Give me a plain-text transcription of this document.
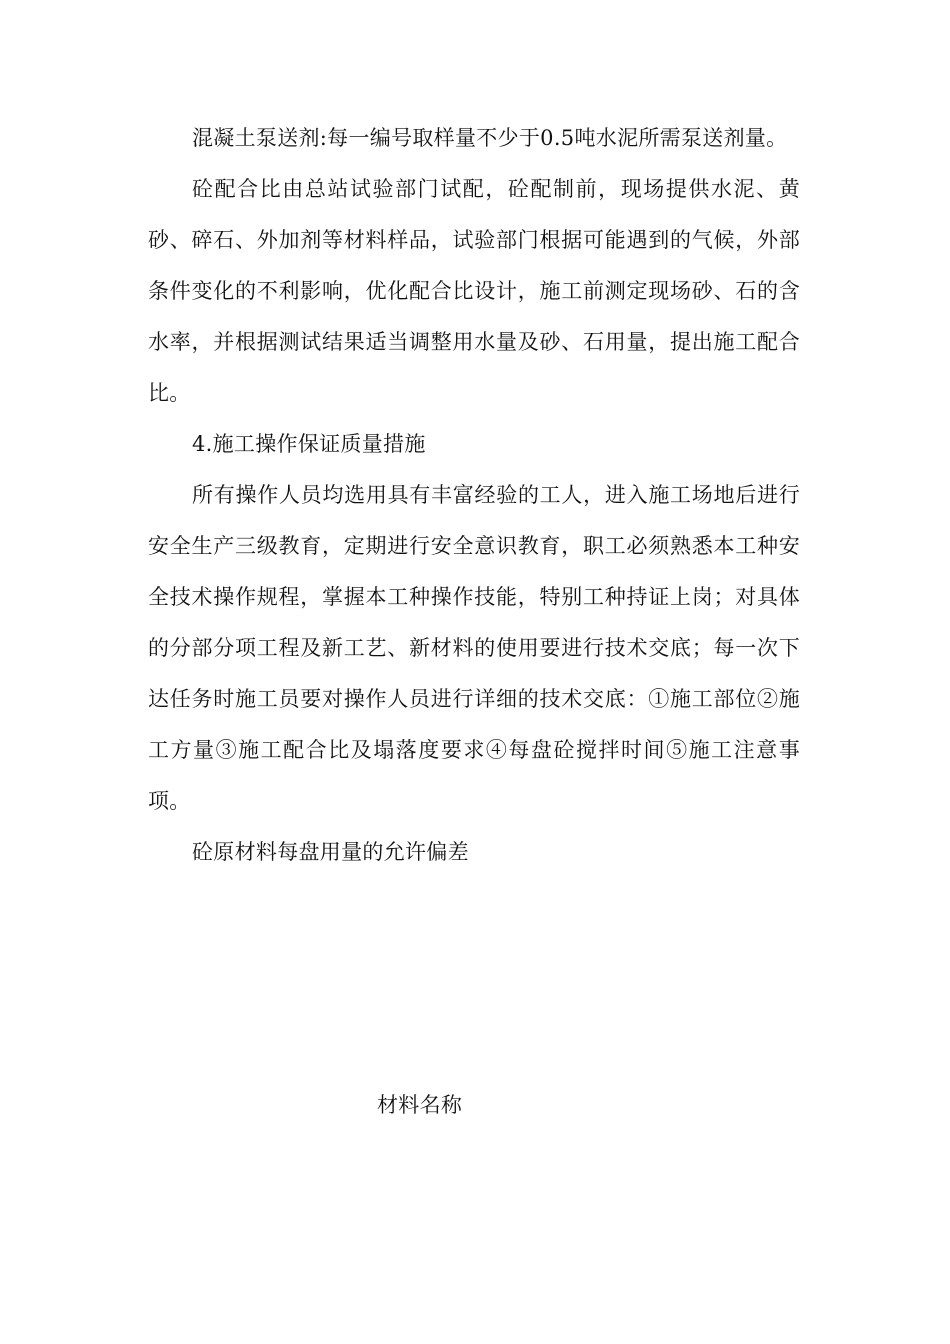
混凝土泵送剂:每一编号取样量不少于0.5吨水泥所需泵送剂量。

砼配合比由总站试验部门试配，砼配制前，现场提供水泥、黄砂、碎石、外加剂等材料样品，试验部门根据可能遇到的气候，外部条件变化的不利影响，优化配合比设计，施工前测定现场砂、石的含水率，并根据测试结果适当调整用水量及砂、石用量，提出施工配合比。

4.施工操作保证质量措施

所有操作人员均选用具有丰富经验的工人，进入施工场地后进行安全生产三级教育，定期进行安全意识教育，职工必须熟悉本工种安全技术操作规程，掌握本工种操作技能，特别工种持证上岗；对具体的分部分项工程及新工艺、新材料的使用要进行技术交底；每一次下达任务时施工员要对操作人员进行详细的技术交底：①施工部位②施工方量③施工配合比及塌落度要求④每盘砼搅拌时间⑤施工注意事项。

砼原材料每盘用量的允许偏差

材料名称
